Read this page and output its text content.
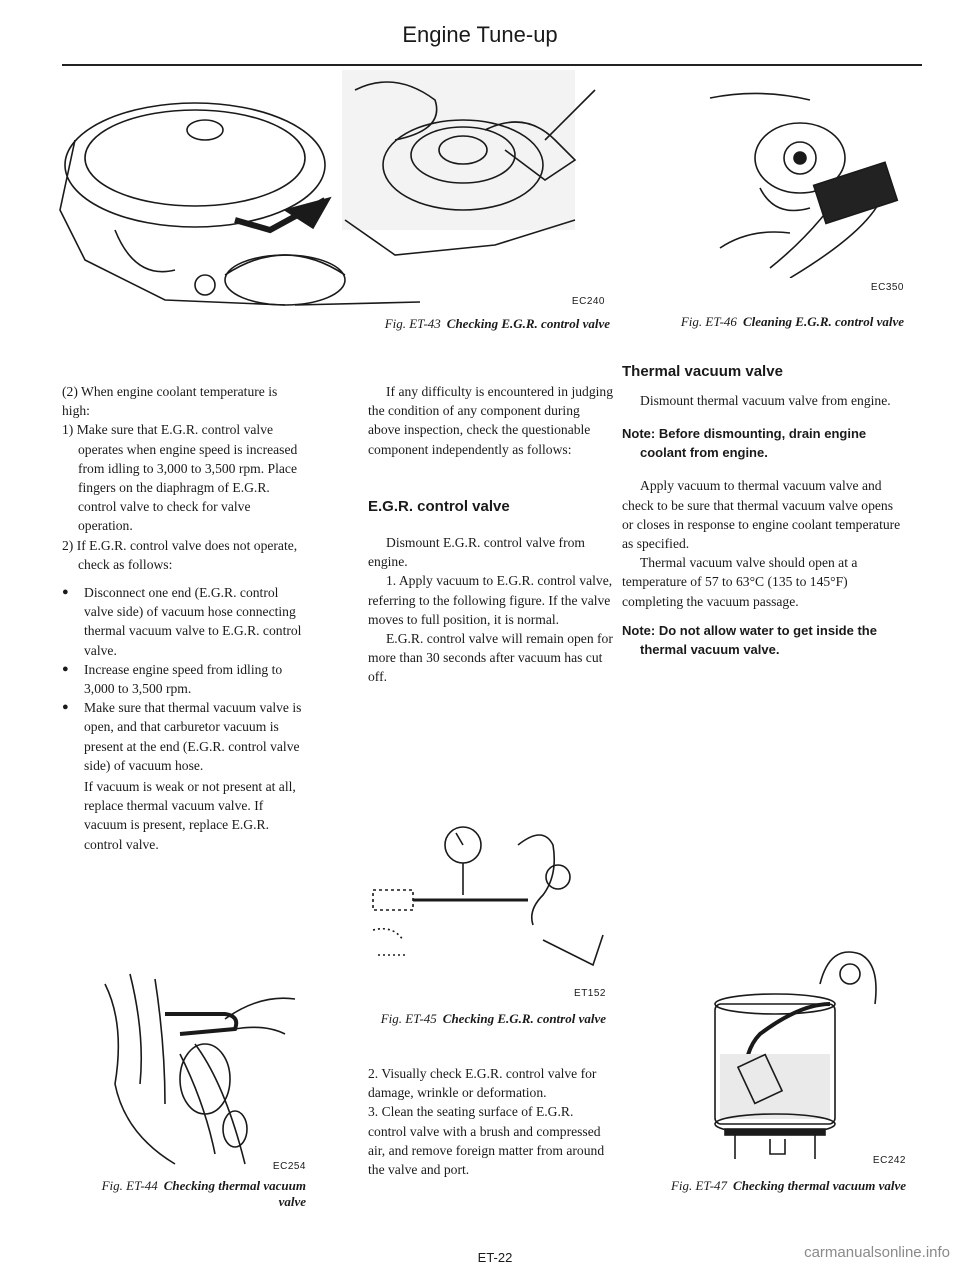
Engine Tune-up
EC240
Fig. ET-43 Checking E.G.R. control valve
EC350
Fig. ET-46 Cleaning E.G.R. control valve

(2) When engine coolant temperature is high:

1) Make sure that E.G.R. control valve operates when engine speed is increased from idling to 3,000 to 3,500 rpm. Place fingers on the diaphragm of E.G.R. control valve to check for valve operation.

2) If E.G.R. control valve does not operate, check as follows:

● Disconnect one end (E.G.R. control valve side) of vacuum hose connecting thermal vacuum valve to E.G.R. control valve.
● Increase engine speed from idling to 3,000 to 3,500 rpm.
● Make sure that thermal vacuum valve is open, and that carburetor vacuum is present at the end (E.G.R. control valve side) of vacuum hose.
If vacuum is weak or not present at all, replace thermal vacuum valve. If vacuum is present, replace E.G.R. control valve.
EC254
Fig. ET-44 Checking thermal vacuum valve

If any difficulty is encountered in judging the condition of any component during above inspection, check the questionable component independently as follows:

E.G.R. control valve

Dismount E.G.R. control valve from engine.

1. Apply vacuum to E.G.R. control valve, referring to the following figure. If the valve moves to full position, it is normal.

E.G.R. control valve will remain open for more than 30 seconds after vacuum has cut off.

ET152
Fig. ET-45 Checking E.G.R. control valve

2. Visually check E.G.R. control valve for damage, wrinkle or deformation.

3. Clean the seating surface of E.G.R. control valve with a brush and compressed air, and remove foreign matter from around the valve and port.

ET-22
Thermal vacuum valve

Dismount thermal vacuum valve from engine.

Note: Before dismounting, drain engine coolant from engine.

Apply vacuum to thermal vacuum valve and check to be sure that thermal vacuum valve opens or closes in response to engine coolant temperature as specified.

Thermal vacuum valve should open at a temperature of 57 to 63°C (135 to 145°F) completing the vacuum passage.

Note: Do not allow water to get inside the thermal vacuum valve.

EC242
Fig. ET-47 Checking thermal vacuum valve
carmanualsonline.info
